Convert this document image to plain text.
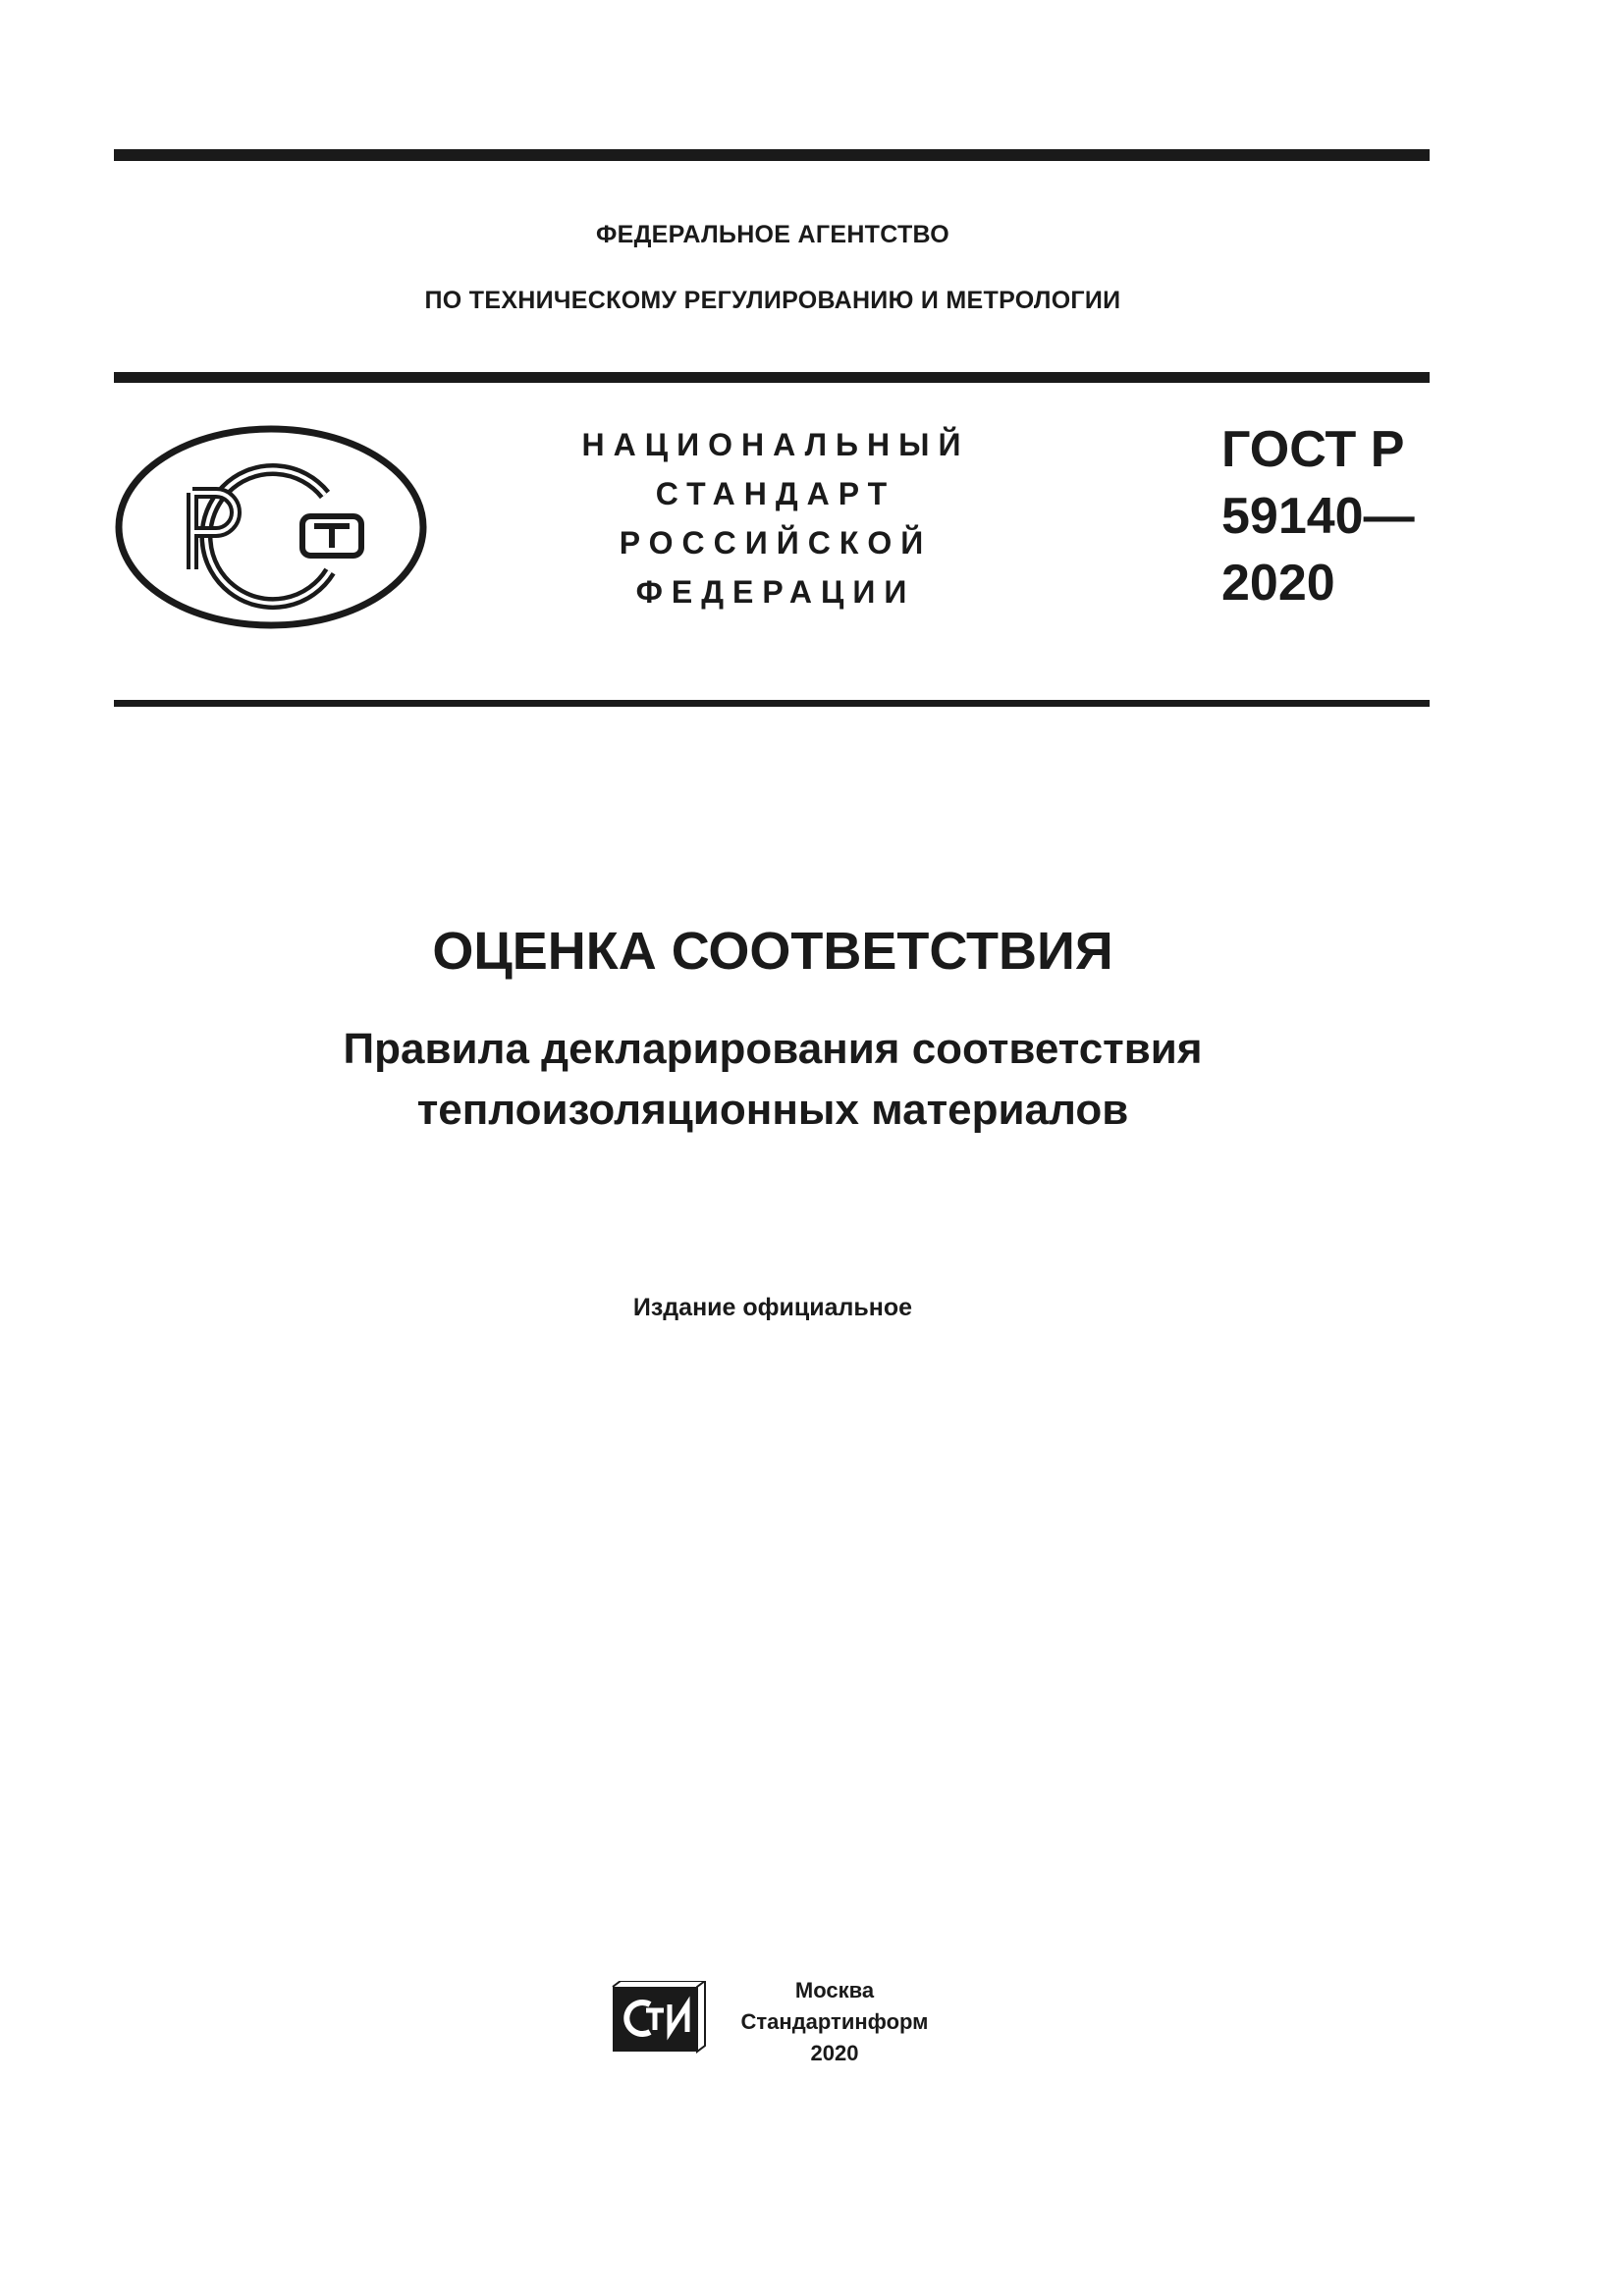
ФЕДЕРАЛЬНОЕ АГЕНТСТВО
ПО ТЕХНИЧЕСКОМУ РЕГУЛИРОВАНИЮ И МЕТРОЛОГИИ
НАЦИОНАЛЬНЫЙ
СТАНДАРТ
РОССИЙСКОЙ
ФЕДЕРАЦИИ
ГОСТ Р
59140—
2020
ОЦЕНКА СООТВЕТСТВИЯ
Правила декларирования соответствия
теплоизоляционных материалов
Издание официальное
Москва
Стандартинформ
2020
